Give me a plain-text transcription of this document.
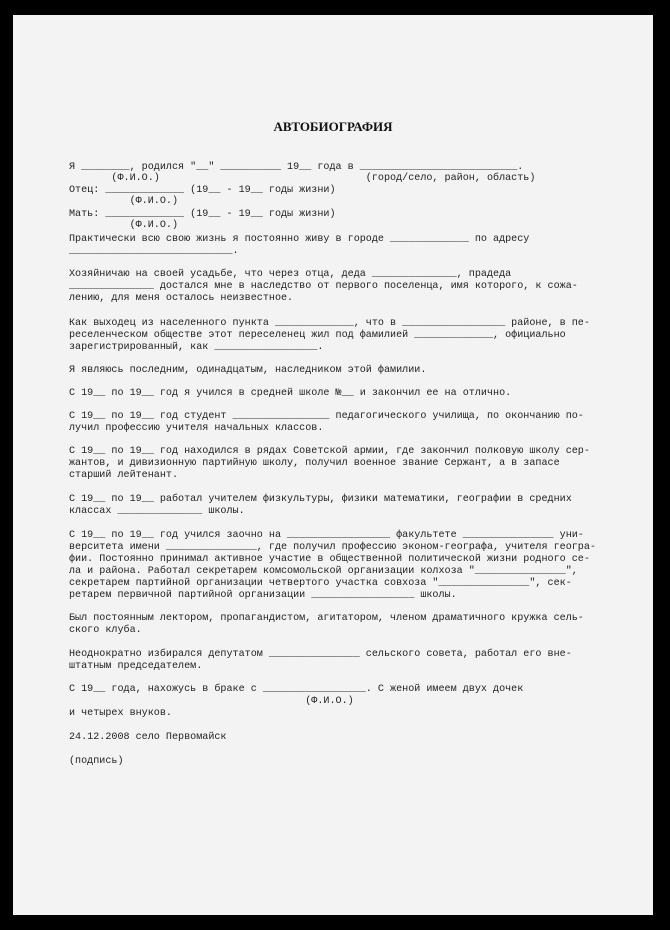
АВТОБИОГРАФИЯ

Я ________, родился "__" __________ 19__ года в __________________________.

(Ф.И.О.)                                  (город/село, район, область)

Отец: _____________ (19__ - 19__ годы жизни)

(Ф.И.О.)

Мать: _____________ (19__ - 19__ годы жизни)

(Ф.И.О.)

Практически всю свою жизнь я постоянно живу в городе _____________ по адресу

___________________________.

Хозяйничаю на своей усадьбе, что через отца, деда ______________, прадеда

______________ достался мне в наследство от первого поселенца, имя которого, к сожа-

лению, для меня осталось неизвестное.

Как выходец из населенного пункта _____________, что в _________________ районе, в пе-

реселенческом обществе этот переселенец жил под фамилией _____________, официально

зарегистрированный, как _________________.

Я являюсь последним, одинадцатым, наследником этой фамилии.

С 19__ по 19__ год я учился в средней школе №__ и закончил ее на отлично.

С 19__ по 19__ год студент ________________ педагогического училища, по окончанию по-

лучил профессию учителя начальных классов.

С 19__ по 19__ год находился в рядах Советской армии, где закончил полковую школу сер-

жантов, и дивизионную партийную школу, получил военное звание Сержант, а в запасе

старший лейтенант.

С 19__ по 19__ работал учителем физкультуры, физики математики, географии в средних

классах ______________ школы.

С 19__ по 19__ год учился заочно на _________________ факультете _______________ уни-

верситета имени _______________, где получил профессию эконом-географа, учителя геогра-

фии. Постоянно принимал активное участие в общественной политической жизни родного се-

ла и района. Работал секретарем комсомольской организации колхоза "_______________",

секретарем партийной организации четвертого участка совхоза "_______________", сек-

ретарем первичной партийной организации _________________ школы.

Был постоянным лектором, пропагандистом, агитатором, членом драматичного кружка сель-

ского клуба.

Неоднократно избирался депутатом _______________ сельского совета, работал его вне-

штатным председателем.

С 19__ года, нахожусь в браке с _________________. С женой имеем двух дочек

(Ф.И.О.)

и четырех внуков.

24.12.2008 село Первомайск

(подпись)
